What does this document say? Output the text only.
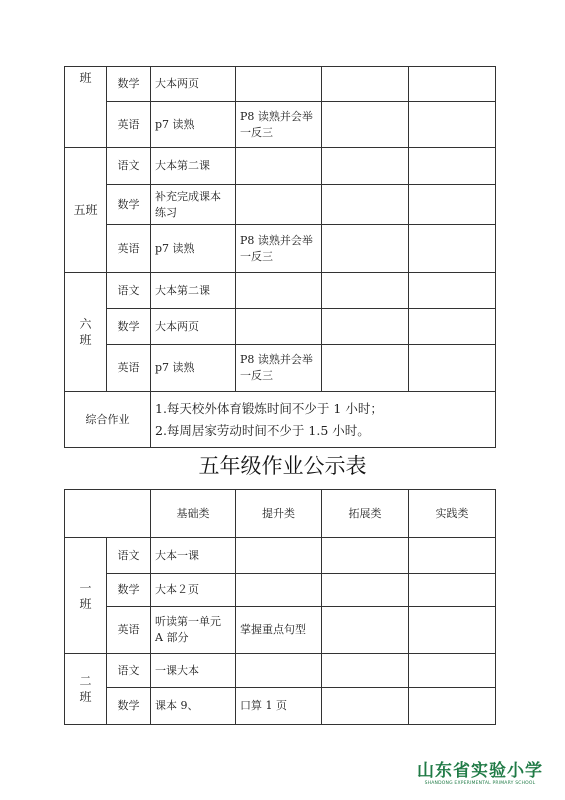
班	数学	大本两页			
	英语	p7 读熟	P8 读熟并会举一反三		
五班	语文	大本第二课			
	数学	补充完成课本练习			
	英语	p7 读熟	P8 读熟并会举一反三		

六
班	语文	大本第二课			
	数学	大本两页			
	英语	p7 读熟	P8 读熟并会举一反三		
综合作业		1.每天校外体育锻炼时间不少于 1 小时；
2.每周居家劳动时间不少于 1.5 小时。			
五年级作业公示表
		基础类	提升类	拓展类	实践类

一
班	语文	大本一课			
	数学	大本２页			
	英语	听读第一单元 A 部分	掌握重点句型		

二
班	语文	一课大本			
	数学	课本 9、	口算 1 页		
山东省实验小学
SHANDONG EXPERIMENTAL PRIMARY SCHOOL
